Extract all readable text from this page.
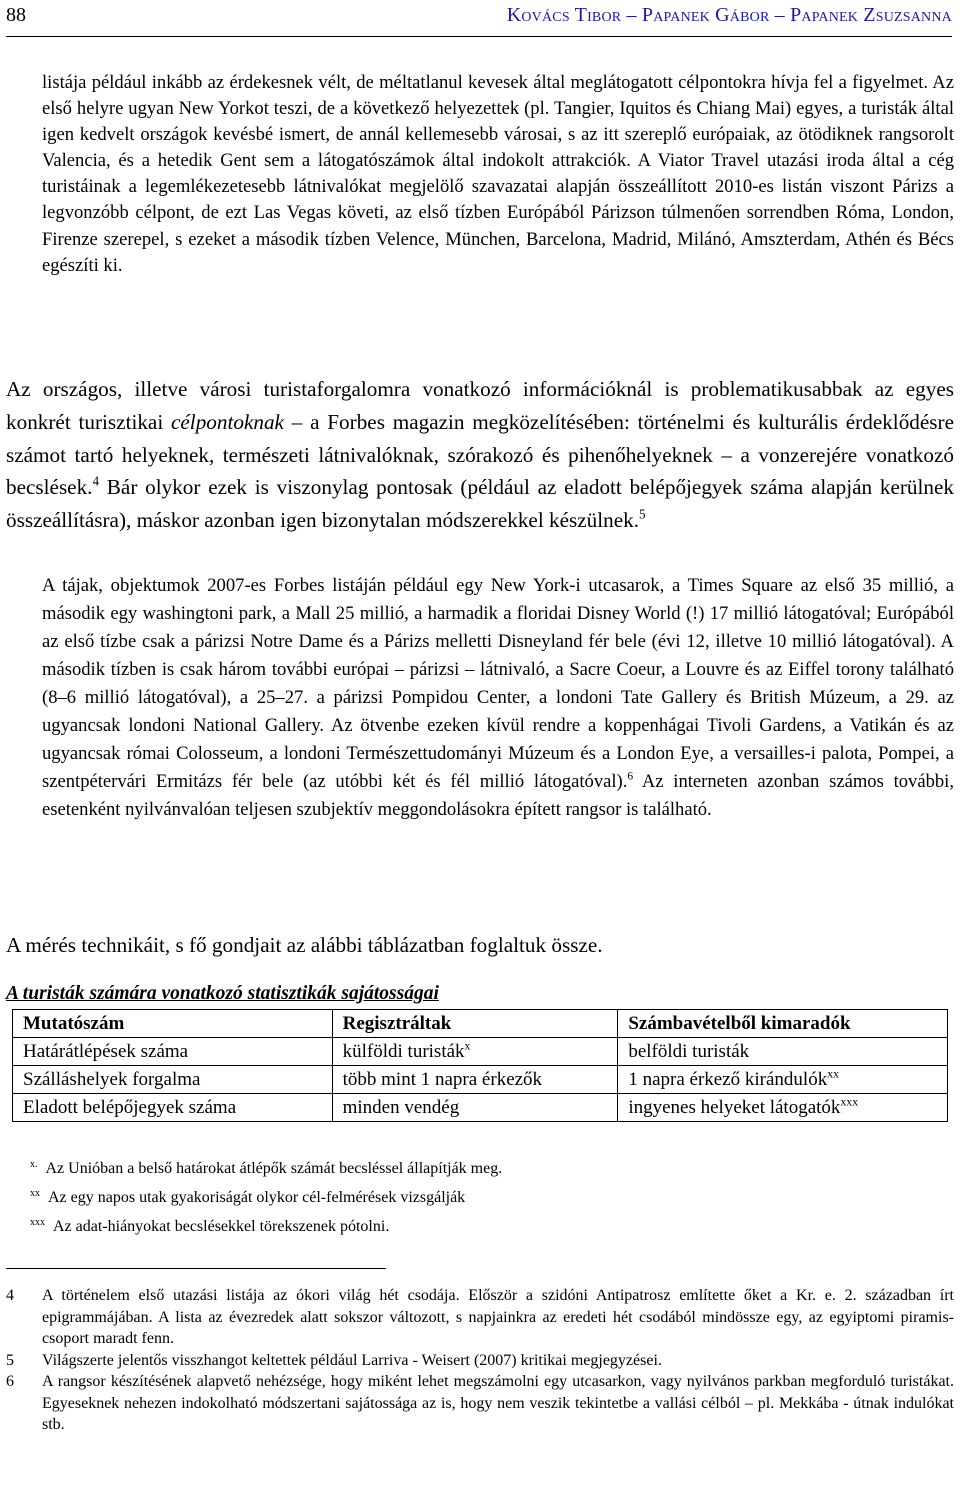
88	Kovács Tibor – Papanek Gábor – Papanek Zsuzsanna
listája például inkább az érdekesnek vélt, de méltatlanul kevesek által meglátogatott célpontokra hívja fel a figyelmet. Az első helyre ugyan New Yorkot teszi, de a következő helyezettek (pl. Tangier, Iquitos és Chiang Mai) egyes, a turisták által igen kedvelt országok kevésbé ismert, de annál kellemesebb városai, s az itt szereplő európaiak, az ötödiknek rangsorolt Valencia, és a hetedik Gent sem a látogatószámok által indokolt attrakciók. A Viator Travel utazási iroda által a cég turistáinak a legemlékezetesebb látnivalókat megjelölő szavazatai alapján összeállított 2010-es listán viszont Párizs a legvonzóbb célpont, de ezt Las Vegas követi, az első tízben Európából Párizson túlmenően sorrendben Róma, London, Firenze szerepel, s ezeket a második tízben Velence, München, Barcelona, Madrid, Milánó, Amszterdam, Athén és Bécs egészíti ki.
Az országos, illetve városi turistaforgalomra vonatkozó információknál is problematikusabbak az egyes konkrét turisztikai célpontoknak – a Forbes magazin megközelítésében: történelmi és kulturális érdeklődésre számot tartó helyeknek, természeti látnivalóknak, szórakozó és pihenőhelyeknek – a vonzerejére vonatkozó becslések.$^4$ Bár olykor ezek is viszonylag pontosak (például az eladott belépőjegyek száma alapján kerülnek összeállításra), máskor azonban igen bizonytalan módszerekkel készülnek.$^5$
A tájak, objektumok 2007-es Forbes listáján például egy New York-i utcasarok, a Times Square az első 35 millió, a második egy washingtoni park, a Mall 25 millió, a harmadik a floridai Disney World (!) 17 millió látogatóval; Európából az első tízbe csak a párizsi Notre Dame és a Párizs melletti Disneyland fér bele (évi 12, illetve 10 millió látogatóval). A második tízben is csak három további európai – párizsi – látnivaló, a Sacre Coeur, a Louvre és az Eiffel torony található (8–6 millió látogatóval), a 25–27. a párizsi Pompidou Center, a londoni Tate Gallery és British Múzeum, a 29. az ugyancsak londoni National Gallery. Az ötvenbe ezeken kívül rendre a koppenhágai Tivoli Gardens, a Vatikán és az ugyancsak római Colosseum, a londoni Természettudományi Múzeum és a London Eye, a versailles-i palota, Pompei, a szentpétervári Ermitázs fér bele (az utóbbi két és fél millió látogatóval).$^6$ Az interneten azonban számos további, esetenként nyilvánvalóan teljesen szubjektív meggondolásokra épített rangsor is található.
A mérés technikáit, s fő gondjait az alábbi táblázatban foglaltuk össze.
A turisták számára vonatkozó statisztikák sajátosságai
Mutatószám	Regisztráltak	Számbavételből kimaradók
Határátlépések száma	külföldi turisták$^x$	belföldi turisták
Szálláshelyek forgalma	több mint 1 napra érkezők	1 napra érkező kirándulók$^{xx}$
Eladott belépőjegyek száma	minden vendég	ingyenes helyeket látogatók$^{xxx}$
$^{x.}$ Az Unióban a belső határokat átlépők számát becsléssel állapítják meg.
$^{xx}$ Az egy napos utak gyakoriságát olykor cél-felmérések vizsgálják
$^{xxx}$ Az adat-hiányokat becslésekkel törekszenek pótolni.
4 A történelem első utazási listája az ókori világ hét csodája. Először a szidóni Antipatrosz említette őket a Kr. e. 2. században írt epigrammájában. A lista az évezredek alatt sokszor változott, s napjainkra az eredeti hét csodából mindössze egy, az egyiptomi piramis-csoport maradt fenn.
5 Világszerte jelentős visszhangot keltettek például Larriva - Weisert (2007) kritikai megjegyzései.
6 A rangsor készítésének alapvető nehézsége, hogy miként lehet megszámolni egy utcasarkon, vagy nyilvános parkban megforduló turistákat. Egyeseknek nehezen indokolható módszertani sajátossága az is, hogy nem veszik tekintetbe a vallási célból – pl. Mekkába - útnak indulókat stb.
